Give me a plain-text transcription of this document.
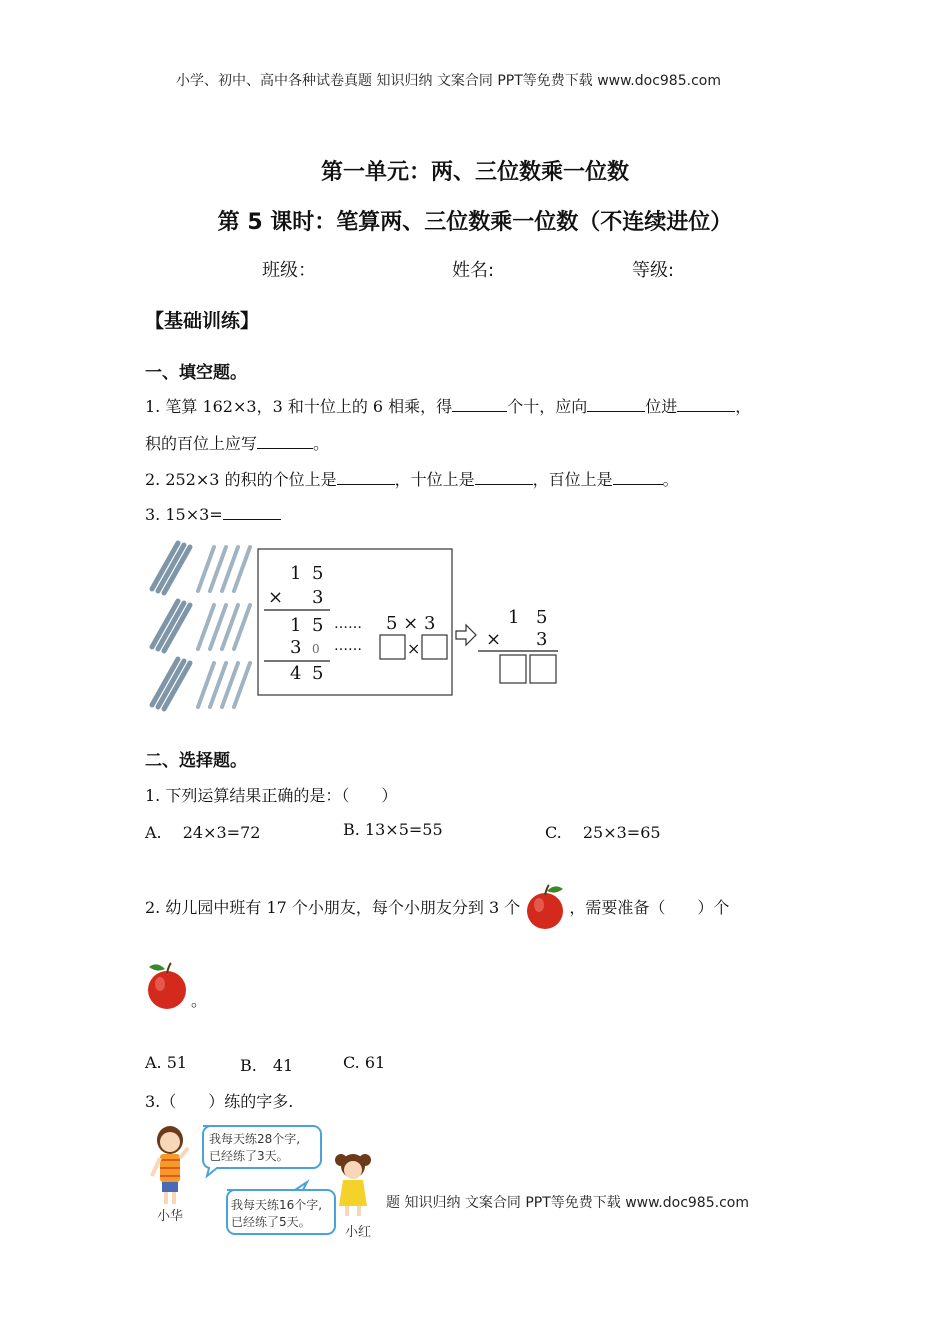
小学、初中、高中各种试卷真题 知识归纳 文案合同 PPT等免费下载 www.doc985.com
第一单元：两、三位数乘一位数
第 5 课时：笔算两、三位数乘一位数（不连续进位）
班级：	姓名:	等级:
【基础训练】
一、填空题。
1. 笔算 162×3，3 和十位上的 6 相乘，得	个十，应向	位进	，
积的百位上应写	。
2. 252×3 的积的个位上是	，十位上是	，百位上是	。
3. 15×3=
1 5
× 3
1 5
3 0
4 5
……
……
5 × 3
×
1 5
× 3
二、选择题。
1. 下列运算结果正确的是：（　　）
A.　 24×3=72	B. 13×5=55	C.　 25×3=65
2. 幼儿园中班有 17 个小朋友，每个小朋友分到 3 个	，需要准备（　　）个
。
A. 51	B.　41	C. 61
3.（　　）练的字多.
小华
我每天练28个字,
已经练了3天。
我每天练16个字,
已经练了5天。
小红
题 知识归纳 文案合同 PPT等免费下载 www.doc985.com
